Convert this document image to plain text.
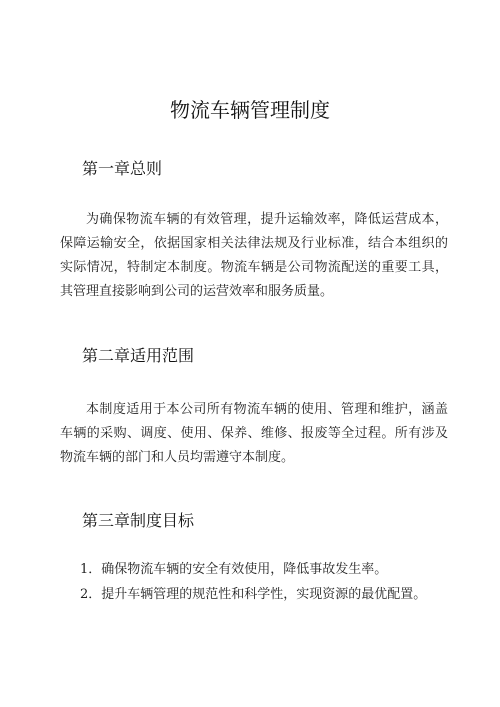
物流车辆管理制度
第一章总则
为确保物流车辆的有效管理，提升运输效率，降低运营成本，保障运输安全，依据国家相关法律法规及行业标准，结合本组织的实际情况，特制定本制度。物流车辆是公司物流配送的重要工具，其管理直接影响到公司的运营效率和服务质量。
第二章适用范围
本制度适用于本公司所有物流车辆的使用、管理和维护，涵盖车辆的采购、调度、使用、保养、维修、报废等全过程。所有涉及物流车辆的部门和人员均需遵守本制度。
第三章制度目标
1．确保物流车辆的安全有效使用，降低事故发生率。
2．提升车辆管理的规范性和科学性，实现资源的最优配置。
